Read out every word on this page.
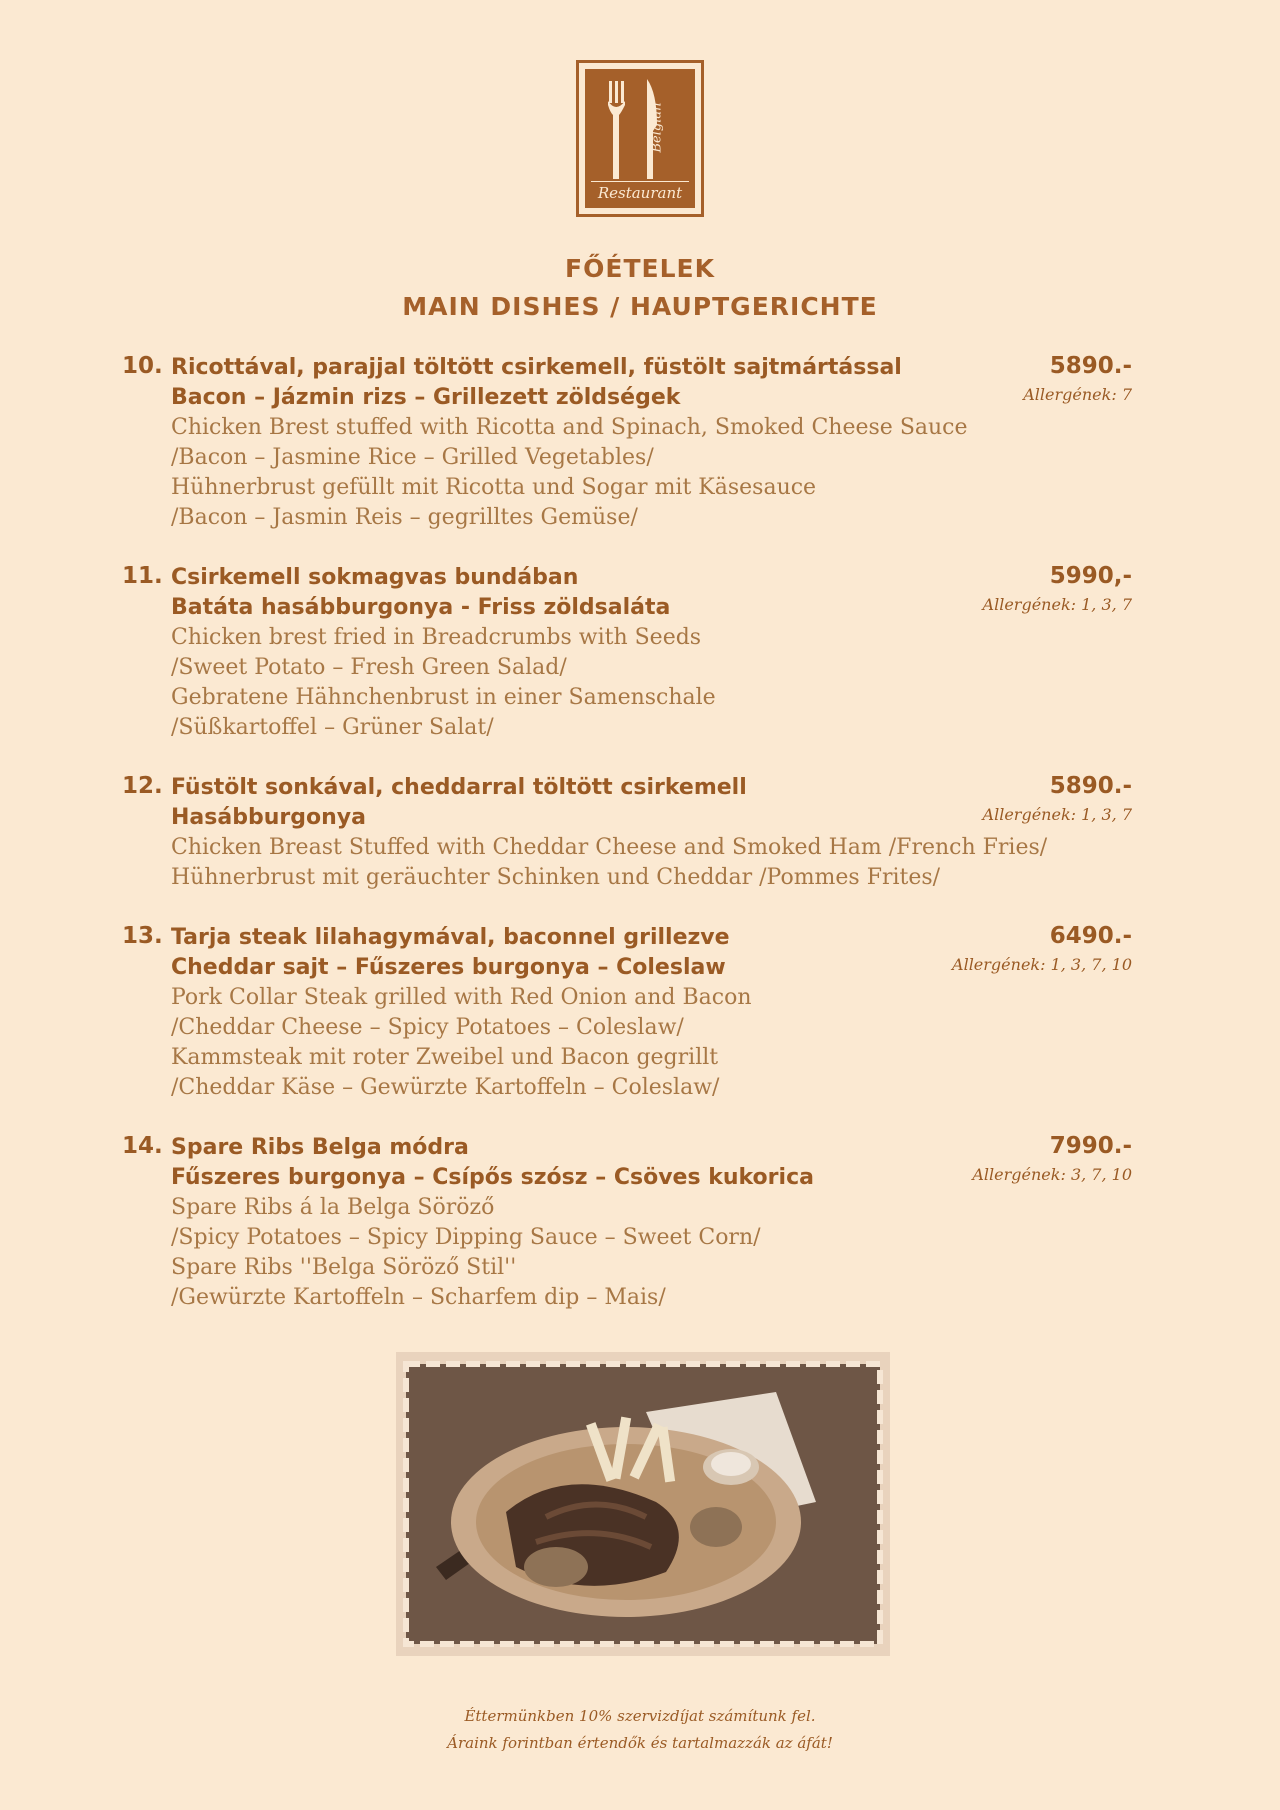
Belgian
Restaurant
FŐÉTELEK
MAIN DISHES / HAUPTGERICHTE
10.	5890.-
Allergének: 7
Ricottával, parajjal töltött csirkemell, füstölt sajtmártással
Bacon – Jázmin rizs – Grillezett zöldségek
Chicken Brest stuffed with Ricotta and Spinach, Smoked Cheese Sauce
/Bacon – Jasmine Rice – Grilled Vegetables/
Hühnerbrust gefüllt mit Ricotta und Sogar mit Käsesauce
/Bacon – Jasmin Reis – gegrilltes Gemüse/
11.	5990,-
Allergének: 1, 3, 7
Csirkemell sokmagvas bundában
Batáta hasábburgonya - Friss zöldsaláta
Chicken brest fried in Breadcrumbs with Seeds
/Sweet Potato – Fresh Green Salad/
Gebratene Hähnchenbrust in einer Samenschale
/Süßkartoffel – Grüner Salat/
12.	5890.-
Allergének: 1, 3, 7
Füstölt sonkával, cheddarral töltött csirkemell
Hasábburgonya
Chicken Breast Stuffed with Cheddar Cheese and Smoked Ham /French Fries/
Hühnerbrust mit geräuchter Schinken und Cheddar /Pommes Frites/
13.	6490.-
Allergének: 1, 3, 7, 10
Tarja steak lilahagymával, baconnel grillezve
Cheddar sajt – Fűszeres burgonya – Coleslaw
Pork Collar Steak grilled with Red Onion and Bacon
/Cheddar Cheese – Spicy Potatoes – Coleslaw/
Kammsteak mit roter Zweibel und Bacon gegrillt
/Cheddar Käse – Gewürzte Kartoffeln – Coleslaw/
14.	7990.-
Allergének: 3, 7, 10
Spare Ribs Belga módra
Fűszeres burgonya – Csípős szósz – Csöves kukorica
Spare Ribs á la Belga Söröző
/Spicy Potatoes – Spicy Dipping Sauce – Sweet Corn/
Spare Ribs ''Belga Söröző Stil''
/Gewürzte Kartoffeln – Scharfem dip – Mais/
Éttermünkben 10% szervizdíjat számítunk fel.
Áraink forintban értendők és tartalmazzák az áfát!
